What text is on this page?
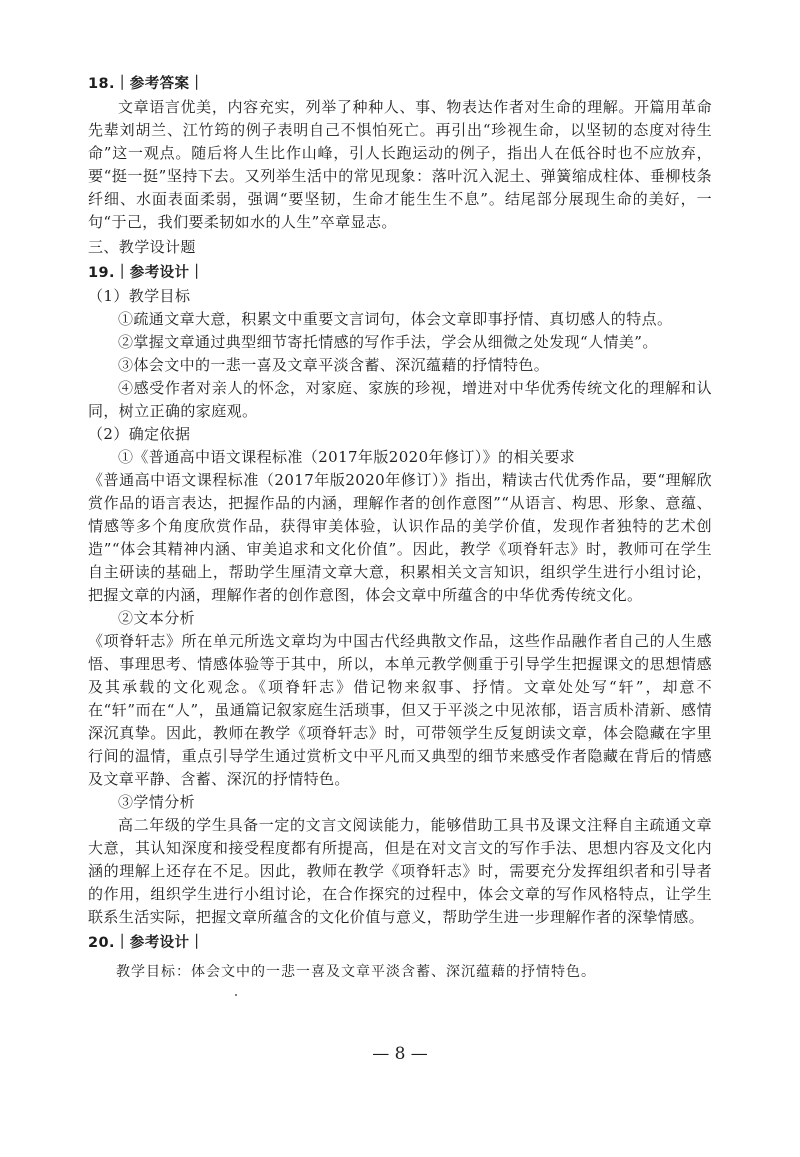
18.｜参考答案｜

文章语言优美，内容充实，列举了种种人、事、物表达作者对生命的理解。开篇用革命先辈刘胡兰、江竹筠的例子表明自己不惧怕死亡。再引出“珍视生命，以坚韧的态度对待生命”这一观点。随后将人生比作山峰，引人长跑运动的例子，指出人在低谷时也不应放弃，要“挺一挺”坚持下去。又列举生活中的常见现象：落叶沉入泥土、弹簧缩成柱体、垂柳枝条纤细、水面表面柔弱，强调“要坚韧，生命才能生生不息”。结尾部分展现生命的美好，一句“于己，我们要柔韧如水的人生”卒章显志。

三、教学设计题

19.｜参考设计｜

（1）教学目标

①疏通文章大意，积累文中重要文言词句，体会文章即事抒情、真切感人的特点。

②掌握文章通过典型细节寄托情感的写作手法，学会从细微之处发现“人情美”。

③体会文中的一悲一喜及文章平淡含蓄、深沉蕴藉的抒情特色。

④感受作者对亲人的怀念，对家庭、家族的珍视，增进对中华优秀传统文化的理解和认同，树立正确的家庭观。

（2）确定依据

①《普通高中语文课程标准（2017年版2020年修订）》的相关要求

《普通高中语文课程标准（2017年版2020年修订）》指出，精读古代优秀作品，要“理解欣赏作品的语言表达，把握作品的内涵，理解作者的创作意图”“从语言、构思、形象、意蕴、情感等多个角度欣赏作品，获得审美体验，认识作品的美学价值，发现作者独特的艺术创造”“体会其精神内涵、审美追求和文化价值”。因此，教学《项脊轩志》时，教师可在学生自主研读的基础上，帮助学生厘清文章大意，积累相关文言知识，组织学生进行小组讨论，把握文章的内涵，理解作者的创作意图，体会文章中所蕴含的中华优秀传统文化。

②文本分析

《项脊轩志》所在单元所选文章均为中国古代经典散文作品，这些作品融作者自己的人生感悟、事理思考、情感体验等于其中，所以，本单元教学侧重于引导学生把握课文的思想情感及其承载的文化观念。《项脊轩志》借记物来叙事、抒情。文章处处写“轩”，却意不在“轩”而在“人”，虽通篇记叙家庭生活琐事，但又于平淡之中见浓郁，语言质朴清新、感情深沉真挚。因此，教师在教学《项脊轩志》时，可带领学生反复朗读文章，体会隐藏在字里行间的温情，重点引导学生通过赏析文中平凡而又典型的细节来感受作者隐藏在背后的情感及文章平静、含蓄、深沉的抒情特色。

③学情分析

高二年级的学生具备一定的文言文阅读能力，能够借助工具书及课文注释自主疏通文章大意，其认知深度和接受程度都有所提高，但是在对文言文的写作手法、思想内容及文化内涵的理解上还存在不足。因此，教师在教学《项脊轩志》时，需要充分发挥组织者和引导者的作用，组织学生进行小组讨论，在合作探究的过程中，体会文章的写作风格特点，让学生联系生活实际，把握文章所蕴含的文化价值与意义，帮助学生进一步理解作者的深挚情感。

20.｜参考设计｜

教学目标：体会文中的一悲一喜及文章平淡含蓄、深沉蕴藉的抒情特色。

— 8 —
